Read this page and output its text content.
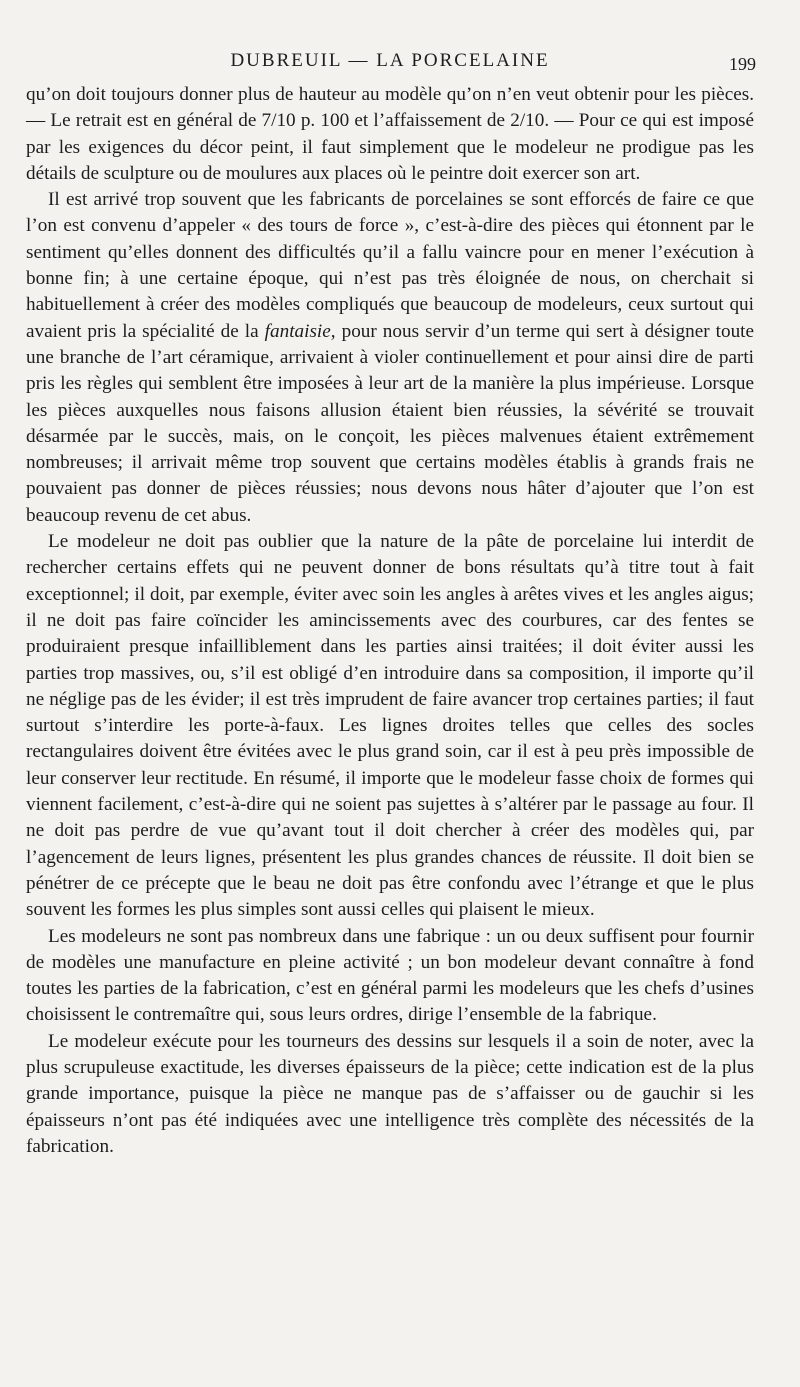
DUBREUIL — LA PORCELAINE	199

qu’on doit toujours donner plus de hauteur au modèle qu’on n’en veut obtenir pour les pièces. — Le retrait est en général de 7/10 p. 100 et l’affaissement de 2/10. — Pour ce qui est imposé par les exigences du décor peint, il faut simplement que le modeleur ne prodigue pas les détails de sculpture ou de moulures aux places où le peintre doit exercer son art.

Il est arrivé trop souvent que les fabricants de porcelaines se sont efforcés de faire ce que l’on est convenu d’appeler « des tours de force », c’est-à-dire des pièces qui étonnent par le sentiment qu’elles donnent des difficultés qu’il a fallu vaincre pour en mener l’exécution à bonne fin; à une certaine époque, qui n’est pas très éloignée de nous, on cherchait si habituellement à créer des modèles compliqués que beaucoup de modeleurs, ceux surtout qui avaient pris la spécialité de la fantaisie, pour nous servir d’un terme qui sert à désigner toute une branche de l’art céramique, arrivaient à violer continuellement et pour ainsi dire de parti pris les règles qui semblent être imposées à leur art de la manière la plus impérieuse. Lorsque les pièces auxquelles nous faisons allusion étaient bien réussies, la sévérité se trouvait désarmée par le succès, mais, on le conçoit, les pièces malvenues étaient extrêmement nombreuses; il arrivait même trop souvent que certains modèles établis à grands frais ne pouvaient pas donner de pièces réussies; nous devons nous hâter d’ajouter que l’on est beaucoup revenu de cet abus.

Le modeleur ne doit pas oublier que la nature de la pâte de porcelaine lui interdit de rechercher certains effets qui ne peuvent donner de bons résultats qu’à titre tout à fait exceptionnel; il doit, par exemple, éviter avec soin les angles à arêtes vives et les angles aigus; il ne doit pas faire coïncider les amincissements avec des courbures, car des fentes se produiraient presque infailliblement dans les parties ainsi traitées; il doit éviter aussi les parties trop massives, ou, s’il est obligé d’en introduire dans sa composition, il importe qu’il ne néglige pas de les évider; il est très imprudent de faire avancer trop certaines parties; il faut surtout s’interdire les porte-à-faux. Les lignes droites telles que celles des socles rectangulaires doivent être évitées avec le plus grand soin, car il est à peu près impossible de leur conserver leur rectitude. En résumé, il importe que le modeleur fasse choix de formes qui viennent facilement, c’est-à-dire qui ne soient pas sujettes à s’altérer par le passage au four. Il ne doit pas perdre de vue qu’avant tout il doit chercher à créer des modèles qui, par l’agencement de leurs lignes, présentent les plus grandes chances de réussite. Il doit bien se pénétrer de ce précepte que le beau ne doit pas être confondu avec l’étrange et que le plus souvent les formes les plus simples sont aussi celles qui plaisent le mieux.

Les modeleurs ne sont pas nombreux dans une fabrique : un ou deux suffisent pour fournir de modèles une manufacture en pleine activité ; un bon modeleur devant connaître à fond toutes les parties de la fabrication, c’est en général parmi les modeleurs que les chefs d’usines choisissent le contremaître qui, sous leurs ordres, dirige l’ensemble de la fabrique.

Le modeleur exécute pour les tourneurs des dessins sur lesquels il a soin de noter, avec la plus scrupuleuse exactitude, les diverses épaisseurs de la pièce; cette indication est de la plus grande importance, puisque la pièce ne manque pas de s’affaisser ou de gauchir si les épaisseurs n’ont pas été indiquées avec une intelligence très complète des nécessités de la fabrication.
